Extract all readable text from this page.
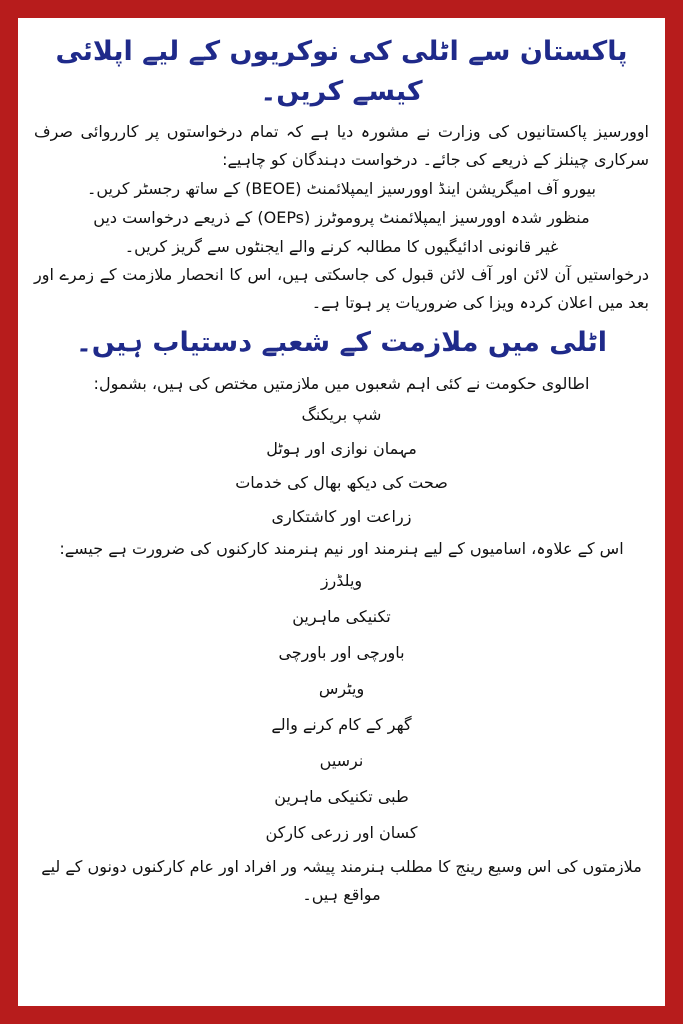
پاکستان سے اٹلی کی نوکریوں کے لیے اپلائی کیسے کریں۔

اوورسیز پاکستانیوں کی وزارت نے مشورہ دیا ہے کہ تمام درخواستوں پر کارروائی صرف سرکاری چینلز کے ذریعے کی جائے۔ درخواست دہندگان کو چاہیے:

بیورو آف امیگریشن اینڈ اوورسیز ایمپلائمنٹ (BEOE) کے ساتھ رجسٹر کریں۔

منظور شدہ اوورسیز ایمپلائمنٹ پروموٹرز (OEPs) کے ذریعے درخواست دیں

غیر قانونی ادائیگیوں کا مطالبہ کرنے والے ایجنٹوں سے گریز کریں۔

درخواستیں آن لائن اور آف لائن قبول کی جاسکتی ہیں، اس کا انحصار ملازمت کے زمرے اور بعد میں اعلان کردہ ویزا کی ضروریات پر ہوتا ہے۔

اٹلی میں ملازمت کے شعبے دستیاب ہیں۔

اطالوی حکومت نے کئی اہم شعبوں میں ملازمتیں مختص کی ہیں، بشمول:

شپ بریکنگ
مہمان نوازی اور ہوٹل
صحت کی دیکھ بھال کی خدمات
زراعت اور کاشتکاری

اس کے علاوہ، اسامیوں کے لیے ہنرمند اور نیم ہنرمند کارکنوں کی ضرورت ہے جیسے:

ویلڈرز
تکنیکی ماہرین
باورچی اور باورچی
ویٹرس
گھر کے کام کرنے والے
نرسیں
طبی تکنیکی ماہرین
کسان اور زرعی کارکن

ملازمتوں کی اس وسیع رینج کا مطلب ہنرمند پیشہ ور افراد اور عام کارکنوں دونوں کے لیے مواقع ہیں۔
